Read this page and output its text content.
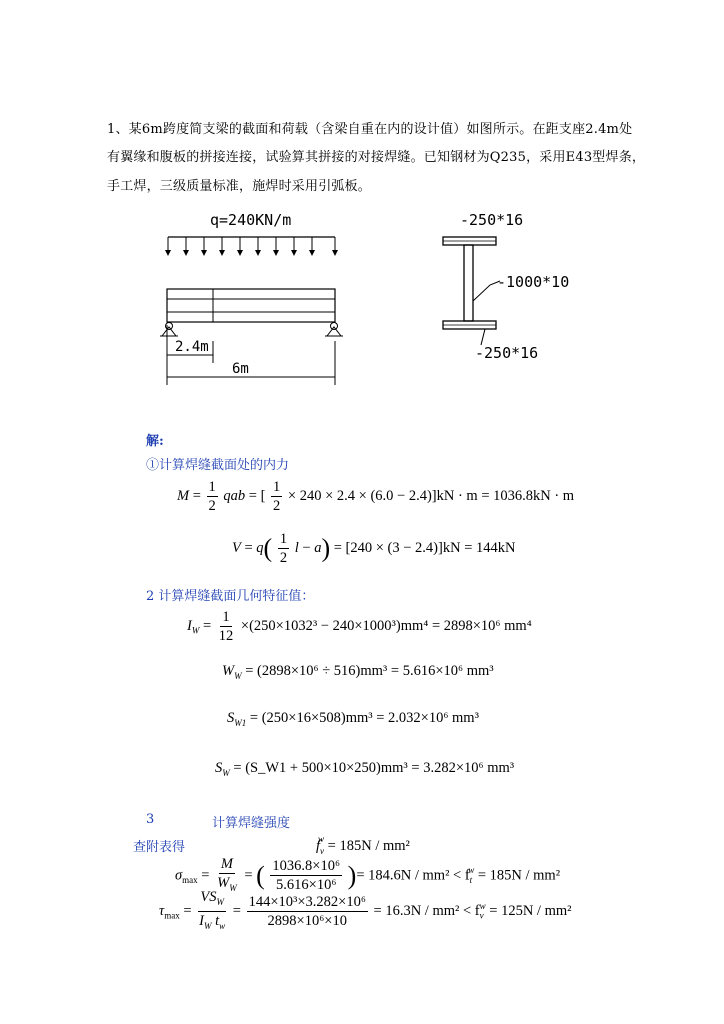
1、某6m跨度简支梁的截面和荷载（含梁自重在内的设计值）如图所示。在距支座2.4m处
有翼缘和腹板的拼接连接，试验算其拼接的对接焊缝。已知钢材为Q235，采用E43型焊条，
手工焊，三级质量标准，施焊时采用引弧板。
q=240KN/m
2.4m
6m
-250*16
-1000*10
-250*16
解:
①计算焊缝截面处的内力
$M = \frac{1}{2}$ qab = [ $\frac{1}{2} \times 240 \times 2.4 \times (6.0 - 2.4)]kN \cdot m = 1036.8kN \cdot m$
$V = q( \frac{1}{2}$ l − a) = [240 × (3 − 2.4)]kN = 144kN
2 计算焊缝截面几何特征值：
$I_W = \frac{1}{12} \times(250\times 1032^3 - 240\times 1000^3)mm^4 = 2898\times 10^6$ mm⁴
$W_W = (2898\times 10^6 \div 516)mm^3 = 5.616\times 10^6$ mm³
$S_{W1} = (250\times 16\times 508)mm^3 = 2.032\times 10^6$ mm³
$S_W$ = (S_W1 + 500×10×250)mm³ = 3.282×10⁶ mm³
3	计算焊缝强度
查附表得	$f_v^w = 185N / mm^2$
$\sigma_{max} = \frac{M}{W_W}$ = ( $\frac{\text{1036.8×10⁶}}{\text{5.616×10⁶}}$ )= $184.6N / mm^2 < f_t^w = 185N / mm^2$
$\tau_{max} = \frac{VS_W}{I_W t_w} = \frac{\text{144×10³×3.282×10⁶}}{\text{2898×10⁶×10}} = 16.3N / mm^2 < f_v^w = 125N / mm^2$
